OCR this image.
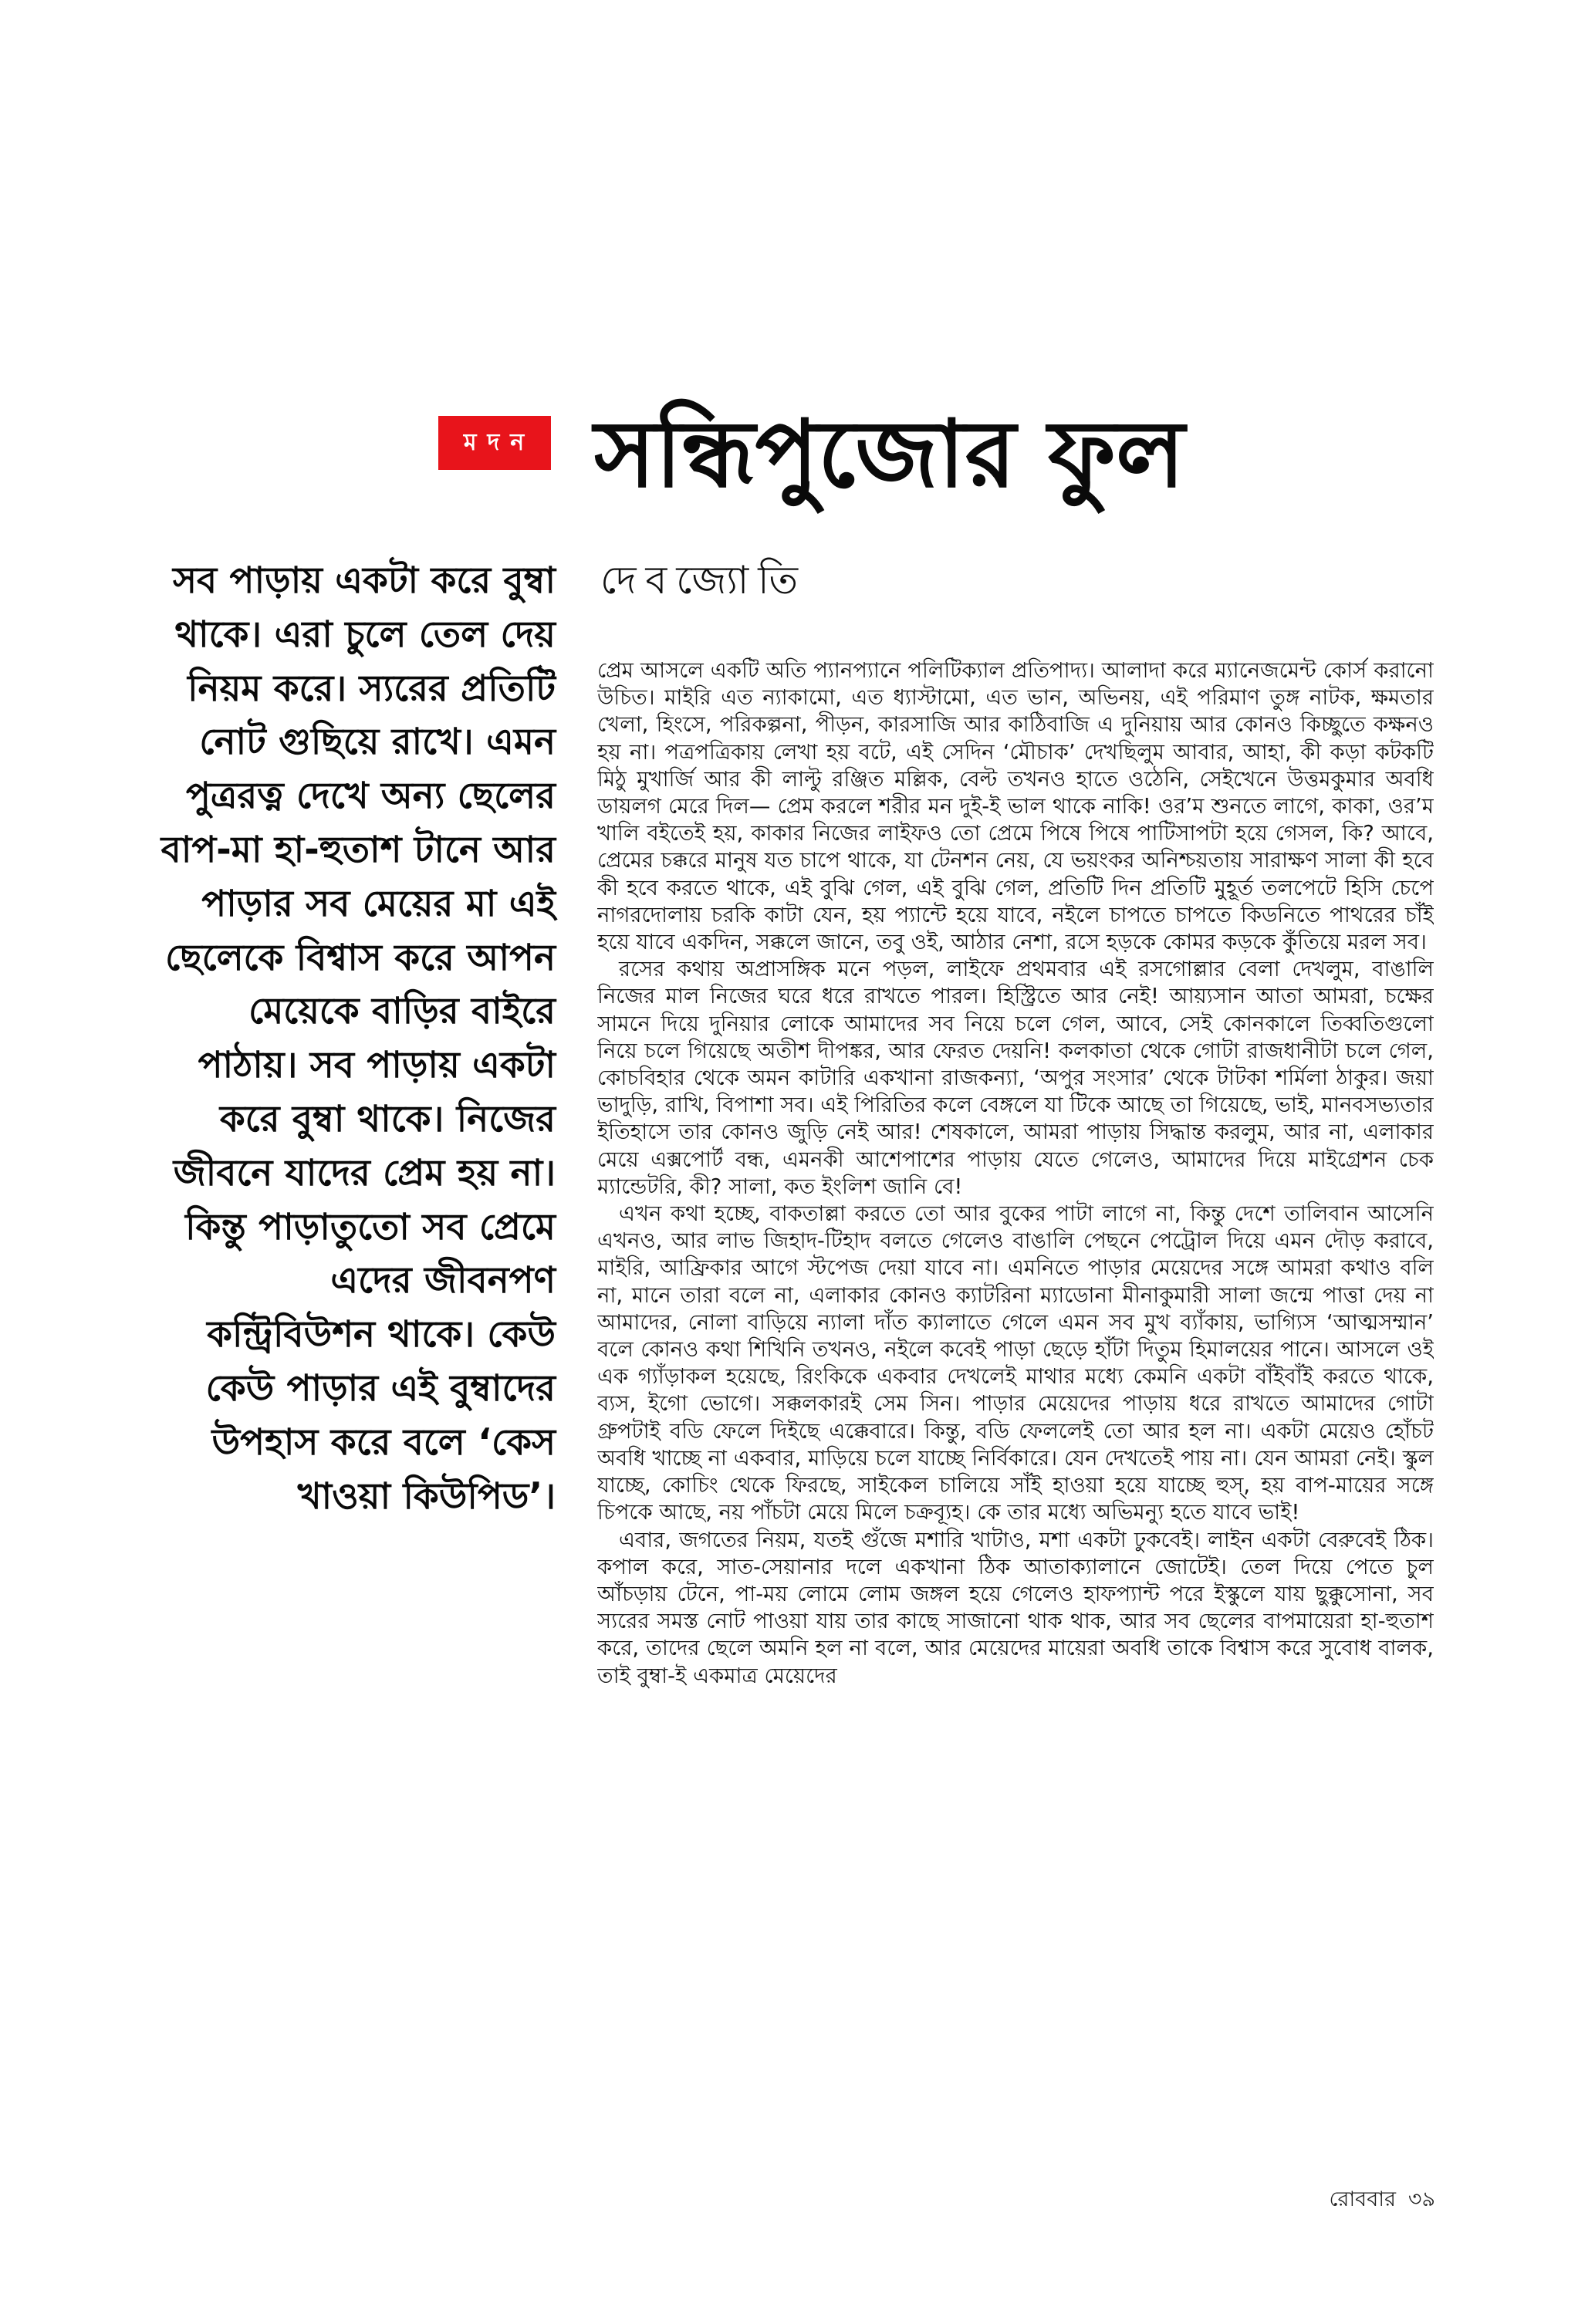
মদন সন্ধিপুজোর ফুল
দেবজ্যোতি

সব পাড়ায় একটা করে বুম্বা থাকে। এরা চুলে তেল দেয় নিয়ম করে। স্যরের প্রতিটি নোট গুছিয়ে রাখে। এমন পুত্ররত্ন দেখে অন্য ছেলের বাপ-মা হা-হুতাশ টানে আর পাড়ার সব মেয়ের মা এই ছেলেকে বিশ্বাস করে আপন মেয়েকে বাড়ির বাইরে পাঠায়। সব পাড়ায় একটা করে বুম্বা থাকে। নিজের জীবনে যাদের প্রেম হয় না। কিন্তু পাড়াতুতো সব প্রেমে এদের জীবনপণ কন্ট্রিবিউশন থাকে। কেউ কেউ পাড়ার এই বুম্বাদের উপহাস করে বলে ‘কেস খাওয়া কিউপিড’।

প্রেম আসলে একটি অতি প্যানপ্যানে পলিটিক্যাল প্রতিপাদ্য। আলাদা করে ম্যানেজমেন্ট কোর্স করানো উচিত। মাইরি এত ন্যাকামো, এত ধ্যাস্টামো, এত ভান, অভিনয়, এই পরিমাণ তুঙ্গ নাটক, ক্ষমতার খেলা, হিংসে, পরিকল্পনা, পীড়ন, কারসাজি আর কাঠিবাজি এ দুনিয়ায় আর কোনও কিচ্ছুতে কক্ষনও হয় না। পত্রপত্রিকায় লেখা হয় বটে, এই সেদিন ‘মৌচাক’ দেখছিলুম আবার, আহা, কী কড়া কটকটি মিঠু মুখার্জি আর কী লাল্টু রঞ্জিত মল্লিক, বেল্ট তখনও হাতে ওঠেনি, সেইখেনে উত্তমকুমার অবধি ডায়লগ মেরে দিল— প্রেম করলে শরীর মন দুই-ই ভাল থাকে নাকি! ওর’ম শুনতে লাগে, কাকা, ওর’ম খালি বইতেই হয়, কাকার নিজের লাইফও তো প্রেমে পিষে পিষে পাটিসাপটা হয়ে গেসল, কি? আবে, প্রেমের চক্করে মানুষ যত চাপে থাকে, যা টেনশন নেয়, যে ভয়ংকর অনিশ্চয়তায় সারাক্ষণ সালা কী হবে কী হবে করতে থাকে, এই বুঝি গেল, এই বুঝি গেল, প্রতিটি দিন প্রতিটি মুহূর্ত তলপেটে হিসি চেপে নাগরদোলায় চরকি কাটা যেন, হয় প্যান্টে হয়ে যাবে, নইলে চাপতে চাপতে কিডনিতে পাথরের চাঁই হয়ে যাবে একদিন, সক্কলে জানে, তবু ওই, আঠার নেশা, রসে হড়কে কোমর কড়কে কুঁতিয়ে মরল সব।

রসের কথায় অপ্রাসঙ্গিক মনে পড়ল, লাইফে প্রথমবার এই রসগোল্লার বেলা দেখলুম, বাঙালি নিজের মাল নিজের ঘরে ধরে রাখতে পারল। হিস্ট্রিতে আর নেই! আয়্যসান আতা আমরা, চক্ষের সামনে দিয়ে দুনিয়ার লোকে আমাদের সব নিয়ে চলে গেল, আবে, সেই কোনকালে তিব্বতিগুলো নিয়ে চলে গিয়েছে অতীশ দীপঙ্কর, আর ফেরত দেয়নি! কলকাতা থেকে গোটা রাজধানীটা চলে গেল, কোচবিহার থেকে অমন কাটারি একখানা রাজকন্যা, ‘অপুর সংসার’ থেকে টাটকা শর্মিলা ঠাকুর। জয়া ভাদুড়ি, রাখি, বিপাশা সব। এই পিরিতির কলে বেঙ্গলে যা টিকে আছে তা গিয়েছে, ভাই, মানবসভ্যতার ইতিহাসে তার কোনও জুড়ি নেই আর! শেষকালে, আমরা পাড়ায় সিদ্ধান্ত করলুম, আর না, এলাকার মেয়ে এক্সপোর্ট বন্ধ, এমনকী আশেপাশের পাড়ায় যেতে গেলেও, আমাদের দিয়ে মাইগ্রেশন চেক ম্যান্ডেটরি, কী? সালা, কত ইংলিশ জানি বে!

এখন কথা হচ্ছে, বাকতাল্লা করতে তো আর বুকের পাটা লাগে না, কিন্তু দেশে তালিবান আসেনি এখনও, আর লাভ জিহাদ-টিহাদ বলতে গেলেও বাঙালি পেছনে পেট্রোল দিয়ে এমন দৌড় করাবে, মাইরি, আফ্রিকার আগে স্টপেজ দেয়া যাবে না। এমনিতে পাড়ার মেয়েদের সঙ্গে আমরা কথাও বলি না, মানে তারা বলে না, এলাকার কোনও ক্যাটরিনা ম্যাডোনা মীনাকুমারী সালা জন্মে পাত্তা দেয় না আমাদের, নোলা বাড়িয়ে ন্যালা দাঁত ক্যালাতে গেলে এমন সব মুখ ব্যাঁকায়, ভাগ্যিস ‘আত্মসম্মান’ বলে কোনও কথা শিখিনি তখনও, নইলে কবেই পাড়া ছেড়ে হাঁটা দিতুম হিমালয়ের পানে। আসলে ওই এক গ্যাঁড়াকল হয়েছে, রিংকিকে একবার দেখলেই মাথার মধ্যে কেমনি একটা বাঁইবাঁই করতে থাকে, ব্যস, ইগো ভোগে। সক্কলকারই সেম সিন। পাড়ার মেয়েদের পাড়ায় ধরে রাখতে আমাদের গোটা গ্রুপটাই বডি ফেলে দিইছে এক্কেবারে। কিন্তু, বডি ফেললেই তো আর হল না। একটা মেয়েও হোঁচট অবধি খাচ্ছে না একবার, মাড়িয়ে চলে যাচ্ছে নির্বিকারে। যেন দেখতেই পায় না। যেন আমরা নেই। স্কুল যাচ্ছে, কোচিং থেকে ফিরছে, সাইকেল চালিয়ে সাঁই হাওয়া হয়ে যাচ্ছে হুস্‌, হয় বাপ-মায়ের সঙ্গে চিপকে আছে, নয় পাঁচটা মেয়ে মিলে চক্রব্যূহ। কে তার মধ্যে অভিমন্যু হতে যাবে ভাই!

এবার, জগতের নিয়ম, যতই গুঁজে মশারি খাটাও, মশা একটা ঢুকবেই। লাইন একটা বেরুবেই ঠিক। কপাল করে, সাত-সেয়ানার দলে একখানা ঠিক আতাক্যালানে জোটেই। তেল দিয়ে পেতে চুল আঁচড়ায় টেনে, পা-ময় লোমে লোম জঙ্গল হয়ে গেলেও হাফপ্যান্ট পরে ইস্কুলে যায় ছুক্কুসোনা, সব স্যরের সমস্ত নোট পাওয়া যায় তার কাছে সাজানো থাক থাক, আর সব ছেলের বাপমায়েরা হা-হুতাশ করে, তাদের ছেলে অমনি হল না বলে, আর মেয়েদের মায়েরা অবধি তাকে বিশ্বাস করে সুবোধ বালক, তাই বুম্বা-ই একমাত্র মেয়েদের

রোববার ৩৯
